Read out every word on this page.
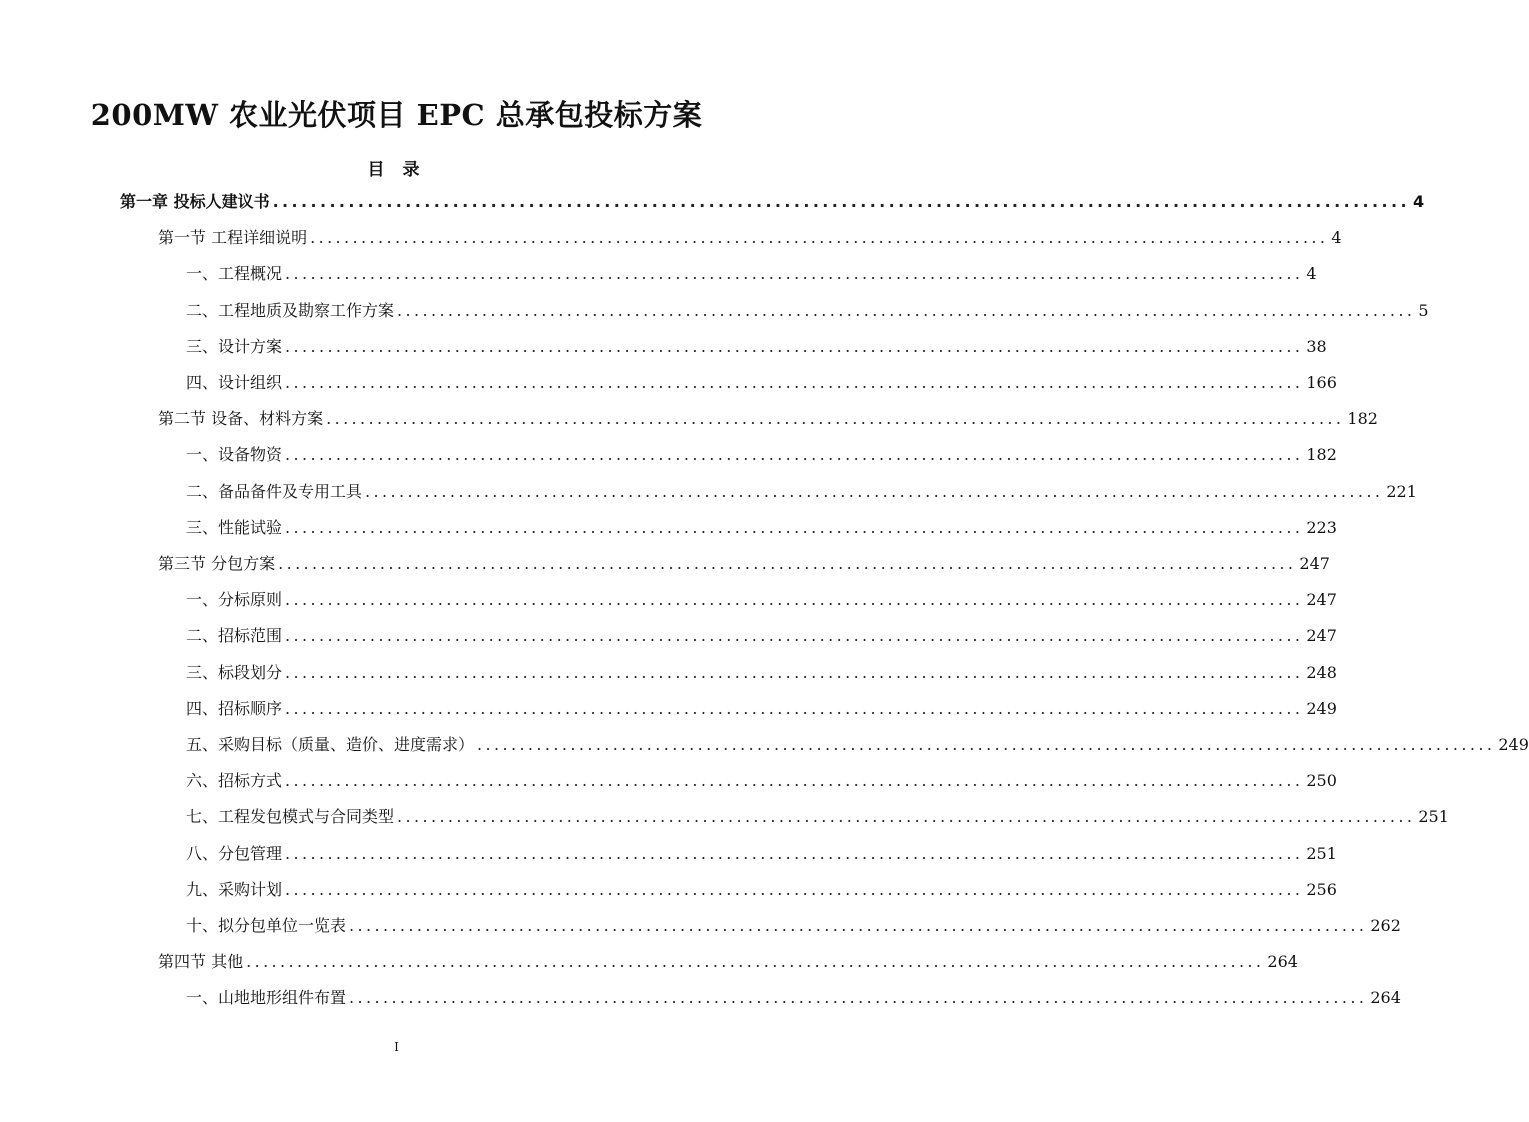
200MW 农业光伏项目 EPC 总承包投标方案
目 录
第一章 投标人建议书 ........................................................................................................................ 4
第一节 工程详细说明 ........................................................................................................................ 4
一、工程概况 ........................................................................................................................ 4
二、工程地质及勘察工作方案 ........................................................................................................................ 5
三、设计方案 ........................................................................................................................ 38
四、设计组织 ........................................................................................................................ 166
第二节 设备、材料方案 ........................................................................................................................ 182
一、设备物资 ........................................................................................................................ 182
二、备品备件及专用工具 ........................................................................................................................ 221
三、性能试验 ........................................................................................................................ 223
第三节 分包方案 ........................................................................................................................ 247
一、分标原则 ........................................................................................................................ 247
二、招标范围 ........................................................................................................................ 247
三、标段划分 ........................................................................................................................ 248
四、招标顺序 ........................................................................................................................ 249
五、采购目标（质量、造价、进度需求） ........................................................................................................................ 249
六、招标方式 ........................................................................................................................ 250
七、工程发包模式与合同类型 ........................................................................................................................ 251
八、分包管理 ........................................................................................................................ 251
九、采购计划 ........................................................................................................................ 256
十、拟分包单位一览表 ........................................................................................................................ 262
第四节 其他 ........................................................................................................................ 264
一、山地地形组件布置 ........................................................................................................................ 264
I
